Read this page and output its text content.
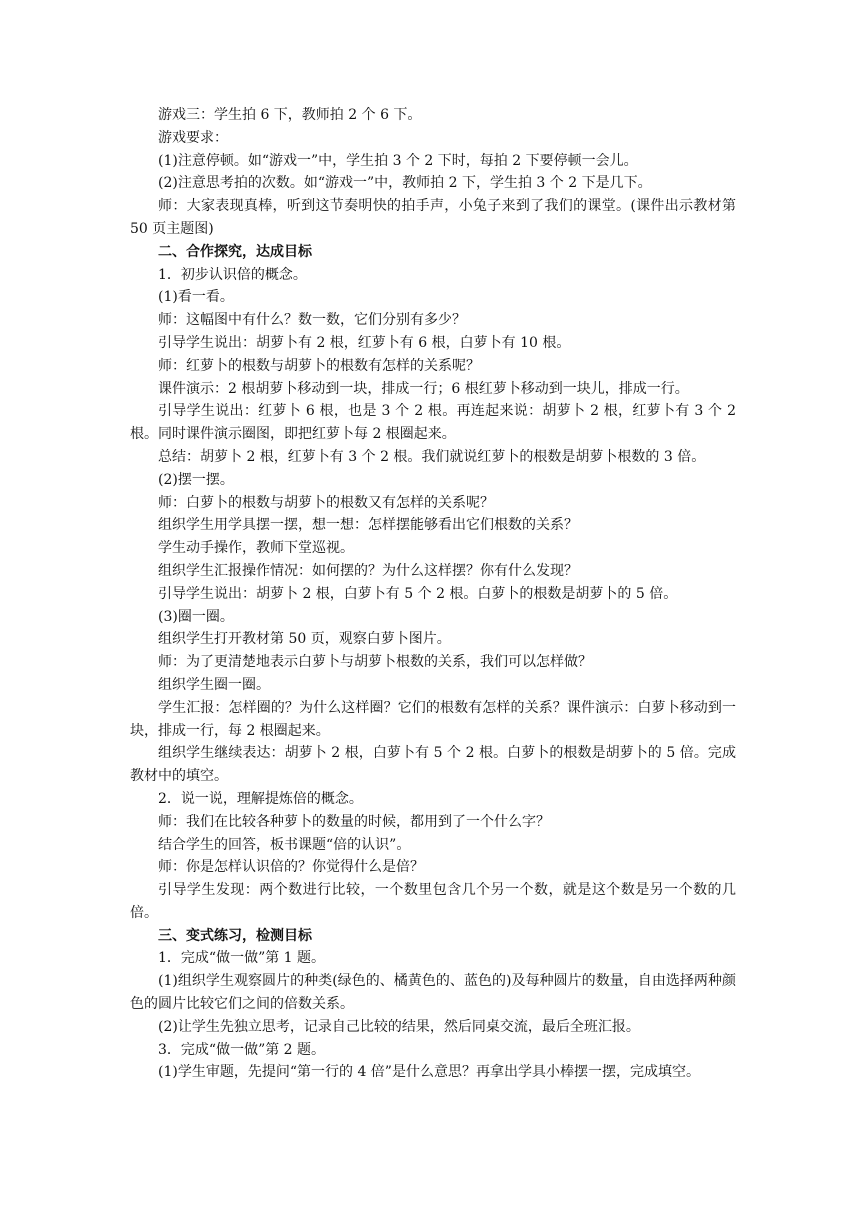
游戏三：学生拍 6 下，教师拍 2 个 6 下。

游戏要求：

(1)注意停顿。如“游戏一”中，学生拍 3 个 2 下时，每拍 2 下要停顿一会儿。

(2)注意思考拍的次数。如“游戏一”中，教师拍 2 下，学生拍 3 个 2 下是几下。

师：大家表现真棒，听到这节奏明快的拍手声，小兔子来到了我们的课堂。(课件出示教材第 50 页主题图)

二、合作探究，达成目标

1．初步认识倍的概念。

(1)看一看。

师：这幅图中有什么？数一数，它们分别有多少？

引导学生说出：胡萝卜有 2 根，红萝卜有 6 根，白萝卜有 10 根。

师：红萝卜的根数与胡萝卜的根数有怎样的关系呢？

课件演示：2 根胡萝卜移动到一块，排成一行；6 根红萝卜移动到一块儿，排成一行。

引导学生说出：红萝卜 6 根，也是 3 个 2 根。再连起来说：胡萝卜 2 根，红萝卜有 3 个 2 根。同时课件演示圈图，即把红萝卜每 2 根圈起来。

总结：胡萝卜 2 根，红萝卜有 3 个 2 根。我们就说红萝卜的根数是胡萝卜根数的 3 倍。

(2)摆一摆。

师：白萝卜的根数与胡萝卜的根数又有怎样的关系呢？

组织学生用学具摆一摆，想一想：怎样摆能够看出它们根数的关系？

学生动手操作，教师下堂巡视。

组织学生汇报操作情况：如何摆的？为什么这样摆？你有什么发现？

引导学生说出：胡萝卜 2 根，白萝卜有 5 个 2 根。白萝卜的根数是胡萝卜的 5 倍。

(3)圈一圈。

组织学生打开教材第 50 页，观察白萝卜图片。

师：为了更清楚地表示白萝卜与胡萝卜根数的关系，我们可以怎样做？

组织学生圈一圈。

学生汇报：怎样圈的？为什么这样圈？它们的根数有怎样的关系？课件演示：白萝卜移动到一块，排成一行，每 2 根圈起来。

组织学生继续表达：胡萝卜 2 根，白萝卜有 5 个 2 根。白萝卜的根数是胡萝卜的 5 倍。完成教材中的填空。

2．说一说，理解提炼倍的概念。

师：我们在比较各种萝卜的数量的时候，都用到了一个什么字？

结合学生的回答，板书课题“倍的认识”。

师：你是怎样认识倍的？你觉得什么是倍？

引导学生发现：两个数进行比较，一个数里包含几个另一个数，就是这个数是另一个数的几倍。

三、变式练习，检测目标

1．完成“做一做”第 1 题。

(1)组织学生观察圆片的种类(绿色的、橘黄色的、蓝色的)及每种圆片的数量，自由选择两种颜色的圆片比较它们之间的倍数关系。

(2)让学生先独立思考，记录自己比较的结果，然后同桌交流，最后全班汇报。

3．完成“做一做”第 2 题。

(1)学生审题，先提问“第一行的 4 倍”是什么意思？再拿出学具小棒摆一摆，完成填空。
